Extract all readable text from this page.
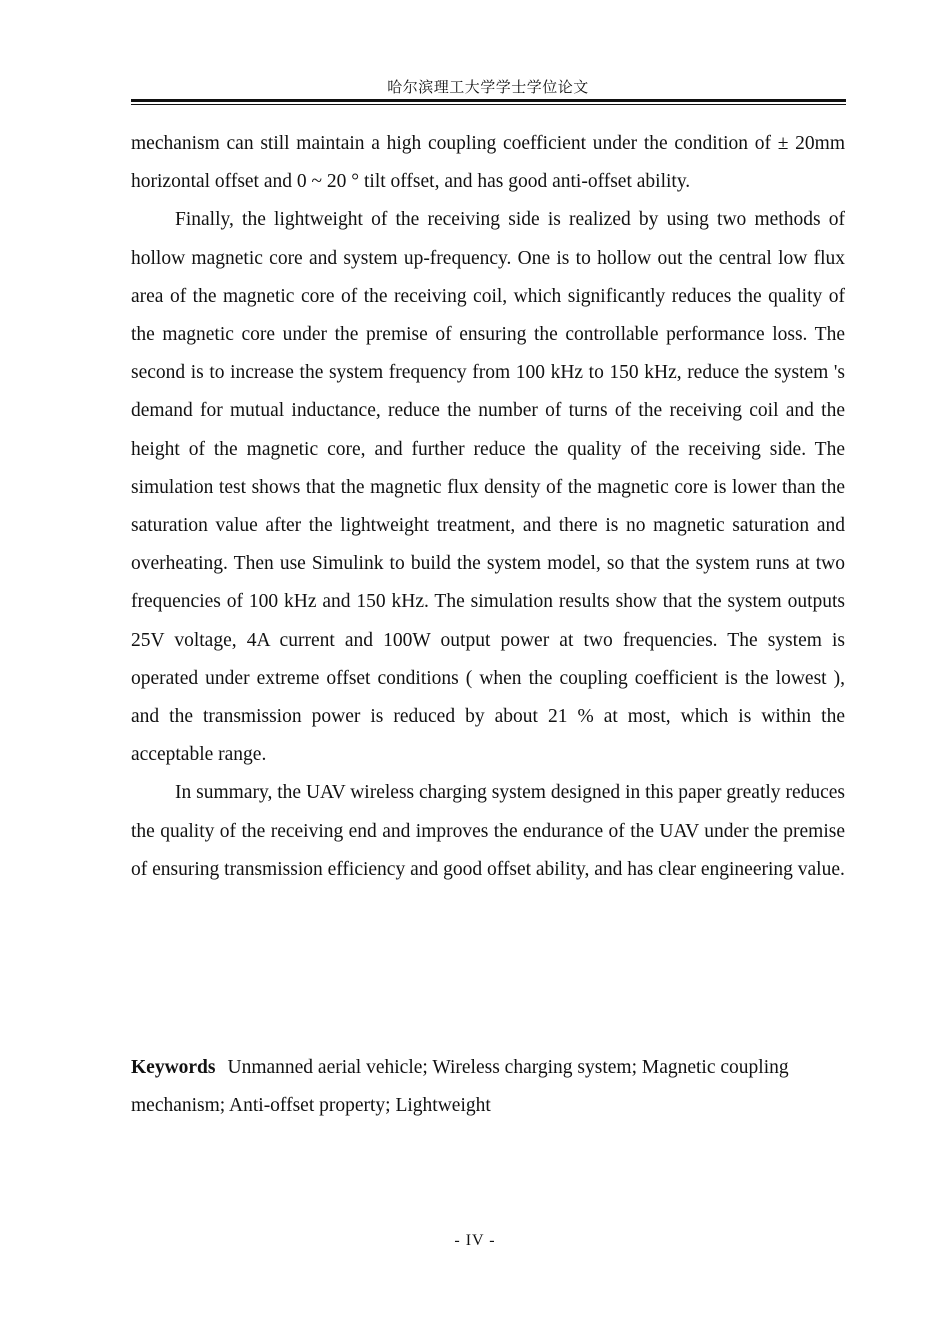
哈尔滨理工大学学士学位论文

mechanism can still maintain a high coupling coefficient under the condition of ± 20mm horizontal offset and 0 ~ 20 ° tilt offset, and has good anti-offset ability.

Finally, the lightweight of the receiving side is realized by using two methods of hollow magnetic core and system up-frequency. One is to hollow out the central low flux area of the magnetic core of the receiving coil, which significantly reduces the quality of the magnetic core under the premise of ensuring the controllable performance loss. The second is to increase the system frequency from 100 kHz to 150 kHz, reduce the system 's demand for mutual inductance, reduce the number of turns of the receiving coil and the height of the magnetic core, and further reduce the quality of the receiving side. The simulation test shows that the magnetic flux density of the magnetic core is lower than the saturation value after the lightweight treatment, and there is no magnetic saturation and overheating. Then use Simulink to build the system model, so that the system runs at two frequencies of 100 kHz and 150 kHz. The simulation results show that the system outputs 25V voltage, 4A current and 100W output power at two frequencies. The system is operated under extreme offset conditions ( when the coupling coefficient is the lowest ), and the transmission power is reduced by about 21 % at most, which is within the acceptable range.

In summary, the UAV wireless charging system designed in this paper greatly reduces the quality of the receiving end and improves the endurance of the UAV under the premise of ensuring transmission efficiency and good offset ability, and has clear engineering value.

Keywords Unmanned aerial vehicle; Wireless charging system; Magnetic coupling mechanism; Anti-offset property; Lightweight

- IV -
